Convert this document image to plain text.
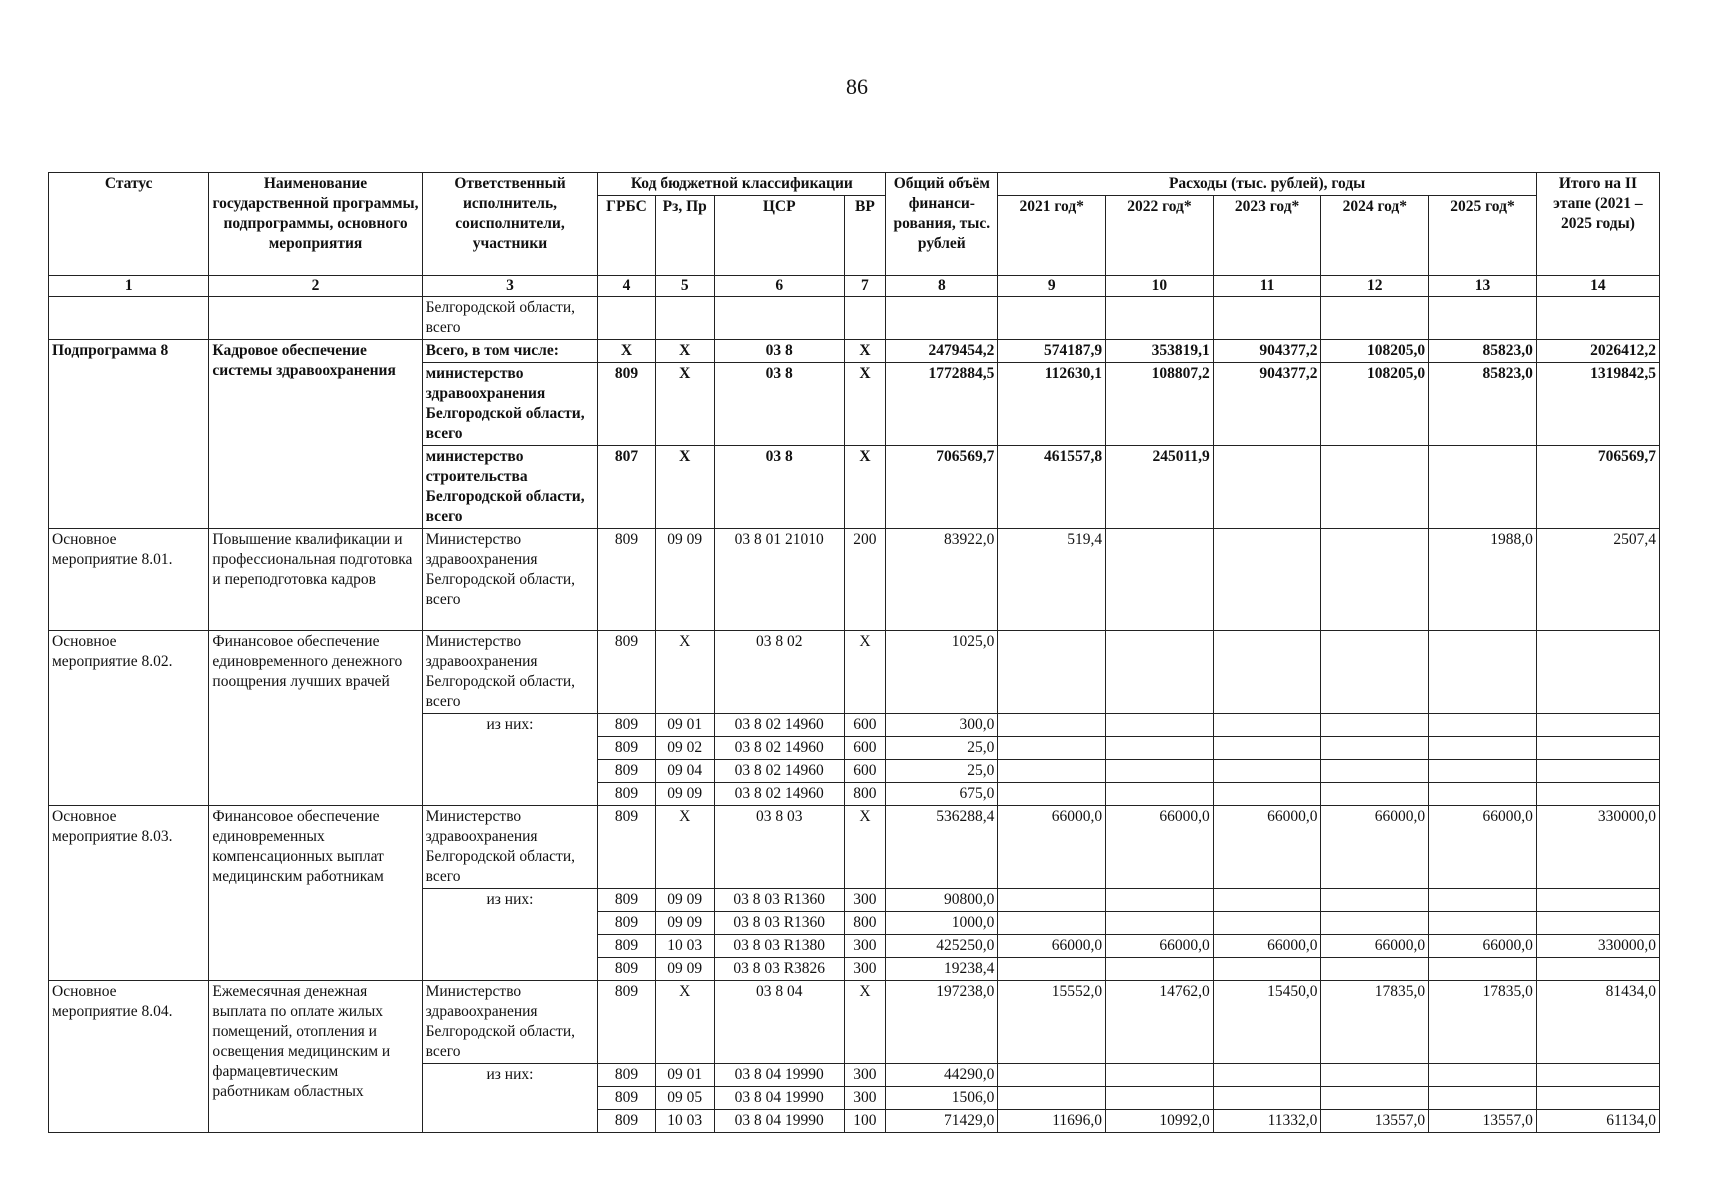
86
Статус	Наименование государственной программы, подпрограммы, основного мероприятия	Ответственный исполнитель, соисполнители, участники	Код бюджетной классификации				Общий объём финанси-рования, тыс. рублей	Расходы (тыс. рублей), годы					Итого на II этапе (2021 – 2025 годы)
			ГРБС	Рз, Пр	ЦСР	ВР		2021 год*	2022 год*	2023 год*	2024 год*	2025 год*	
1	2	3	4	5	6	7	8	9	10	11	12	13	14
		Белгородской области, всего											
Подпрограмма 8	Кадровое обеспечение системы здравоохранения	Всего, в том числе:	Х	Х	03 8	Х	2479454,2	574187,9	353819,1	904377,2	108205,0	85823,0	2026412,2
		министерство здравоохранения Белгородской области, всего	809	Х	03 8	Х	1772884,5	112630,1	108807,2	904377,2	108205,0	85823,0	1319842,5
		министерство строительства Белгородской области, всего	807	Х	03 8	Х	706569,7	461557,8	245011,9				706569,7
Основное мероприятие 8.01.	Повышение квалификации и профессиональная подготовка и переподготовка кадров	Министерство здравоохранения Белгородской области, всего	809	09 09	03 8 01 21010	200	83922,0	519,4				1988,0	2507,4
Основное мероприятие 8.02.	Финансовое обеспечение единовременного денежного поощрения лучших врачей	Министерство здравоохранения Белгородской области, всего	809	Х	03 8 02	Х	1025,0						
		из них:	809	09 01	03 8 02 14960	600	300,0						
			809	09 02	03 8 02 14960	600	25,0						
			809	09 04	03 8 02 14960	600	25,0						
			809	09 09	03 8 02 14960	800	675,0						
Основное мероприятие 8.03.	Финансовое обеспечение единовременных компенсационных выплат медицинским работникам	Министерство здравоохранения Белгородской области, всего	809	Х	03 8 03	Х	536288,4	66000,0	66000,0	66000,0	66000,0	66000,0	330000,0
		из них:	809	09 09	03 8 03 R1360	300	90800,0						
			809	09 09	03 8 03 R1360	800	1000,0						
			809	10 03	03 8 03 R1380	300	425250,0	66000,0	66000,0	66000,0	66000,0	66000,0	330000,0
			809	09 09	03 8 03 R3826	300	19238,4						
Основное мероприятие 8.04.	Ежемесячная денежная выплата по оплате жилых помещений, отопления и освещения медицинским и фармацевтическим работникам областных	Министерство здравоохранения Белгородской области, всего	809	Х	03 8 04	Х	197238,0	15552,0	14762,0	15450,0	17835,0	17835,0	81434,0
		из них:	809	09 01	03 8 04 19990	300	44290,0						
			809	09 05	03 8 04 19990	300	1506,0						
			809	10 03	03 8 04 19990	100	71429,0	11696,0	10992,0	11332,0	13557,0	13557,0	61134,0
